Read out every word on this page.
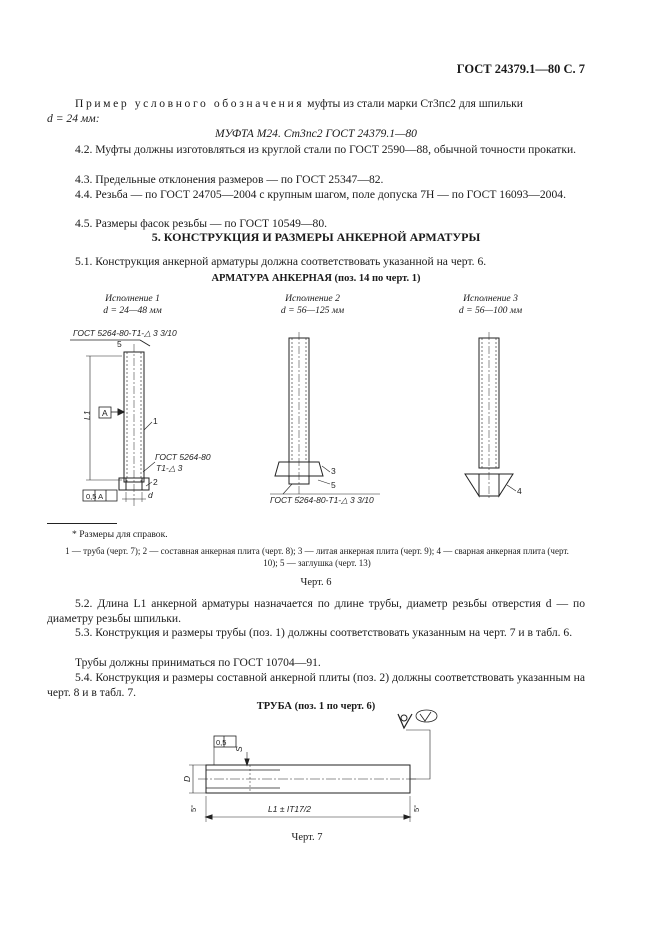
ГОСТ 24379.1—80 С. 7
Пример условного обозначения муфты из стали марки Ст3пс2 для шпильки
d = 24 мм:
МУФТА М24. Ст3пс2 ГОСТ 24379.1—80
4.2. Муфты должны изготовляться из круглой стали по ГОСТ 2590—88, обычной точности прокатки.
4.3. Предельные отклонения размеров — по ГОСТ 25347—82.
4.4. Резьба — по ГОСТ 24705—2004 с крупным шагом, поле допуска 7Н — по ГОСТ 16093—2004.
4.5. Размеры фасок резьбы — по ГОСТ 10549—80.
5. КОНСТРУКЦИЯ И РАЗМЕРЫ АНКЕРНОЙ АРМАТУРЫ
5.1. Конструкция анкерной арматуры должна соответствовать указанной на черт. 6.
АРМАТУРА АНКЕРНАЯ (поз. 14 по черт. 1)
Исполнение 1
d = 24—48 мм
Исполнение 2
d = 56—125 мм
Исполнение 3
d = 56—100 мм
ГОСТ 5264-80-Т1-△ 3 3/10
5
L1 A
1
ГОСТ 5264-80
Т1-△ 3
2
d
0,5 A
3
5
ГОСТ 5264-80-Т1-△ 3 3/10
4
* Размеры для справок.
1 — труба (черт. 7); 2 — составная анкерная плита (черт. 8); 3 — литая анкерная плита (черт. 9); 4 — сварная анкерная плита (черт. 10); 5 — заглушка (черт. 13)
Черт. 6
5.2. Длина L1 анкерной арматуры назначается по длине трубы, диаметр резьбы отверстия d — по диаметру резьбы шпильки.
5.3. Конструкция и размеры трубы (поз. 1) должны соответствовать указанным на черт. 7 и в табл. 6.
Трубы должны приниматься по ГОСТ 10704—91.
5.4. Конструкция и размеры составной анкерной плиты (поз. 2) должны соответствовать указанным на черт. 8 и в табл. 7.
ТРУБА (поз. 1 по черт. 6)
0,5
S
D
L1 ± IT17/2
5°	5°
Черт. 7
